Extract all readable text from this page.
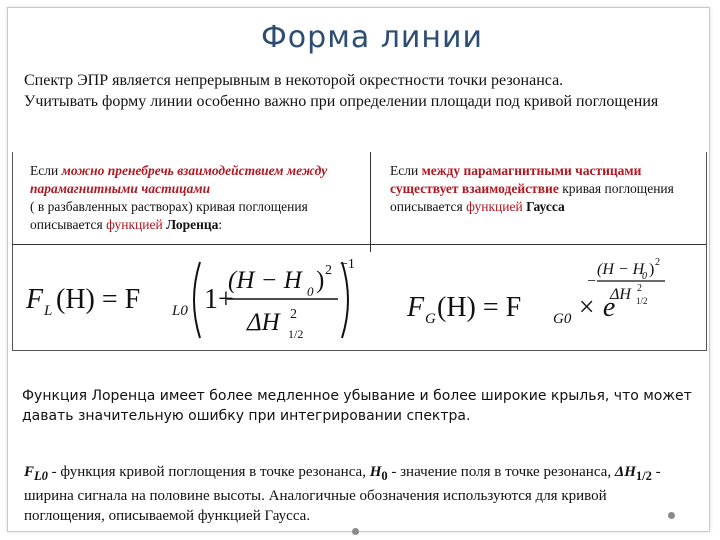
Форма линии

Спектр ЭПР является непрерывным в некоторой окрестности точки резонанса.

Учитывать форму линии особенно важно при определении площади под кривой поглощения

Если можно пренебречь взаимодействием между парамагнитными частицами
( в разбавленных растворах) кривая поглощения описывается функцией Лоренца:
Если между парамагнитными частицами существует взаимодействие кривая поглощения описывается функцией Гаусса
F L (H) = F L0 1+
(H − H 0 ) 2
ΔH 2
1/2
−1
F G (H) = F G0 × e
−
(H − H
0 ) 2
ΔH 2
1/2
Функция Лоренца имеет более медленное убывание и более широкие крылья, что может давать значительную ошибку при интегрировании спектра.
$F_{L0}$ - функция кривой поглощения в точке резонанса, $H_0$ - значение поля в точке резонанса, $\Delta H_{1/2}$ - ширина сигнала на половине высоты. Аналогичные обозначения используются для кривой поглощения, описываемой функцией Гаусса.
